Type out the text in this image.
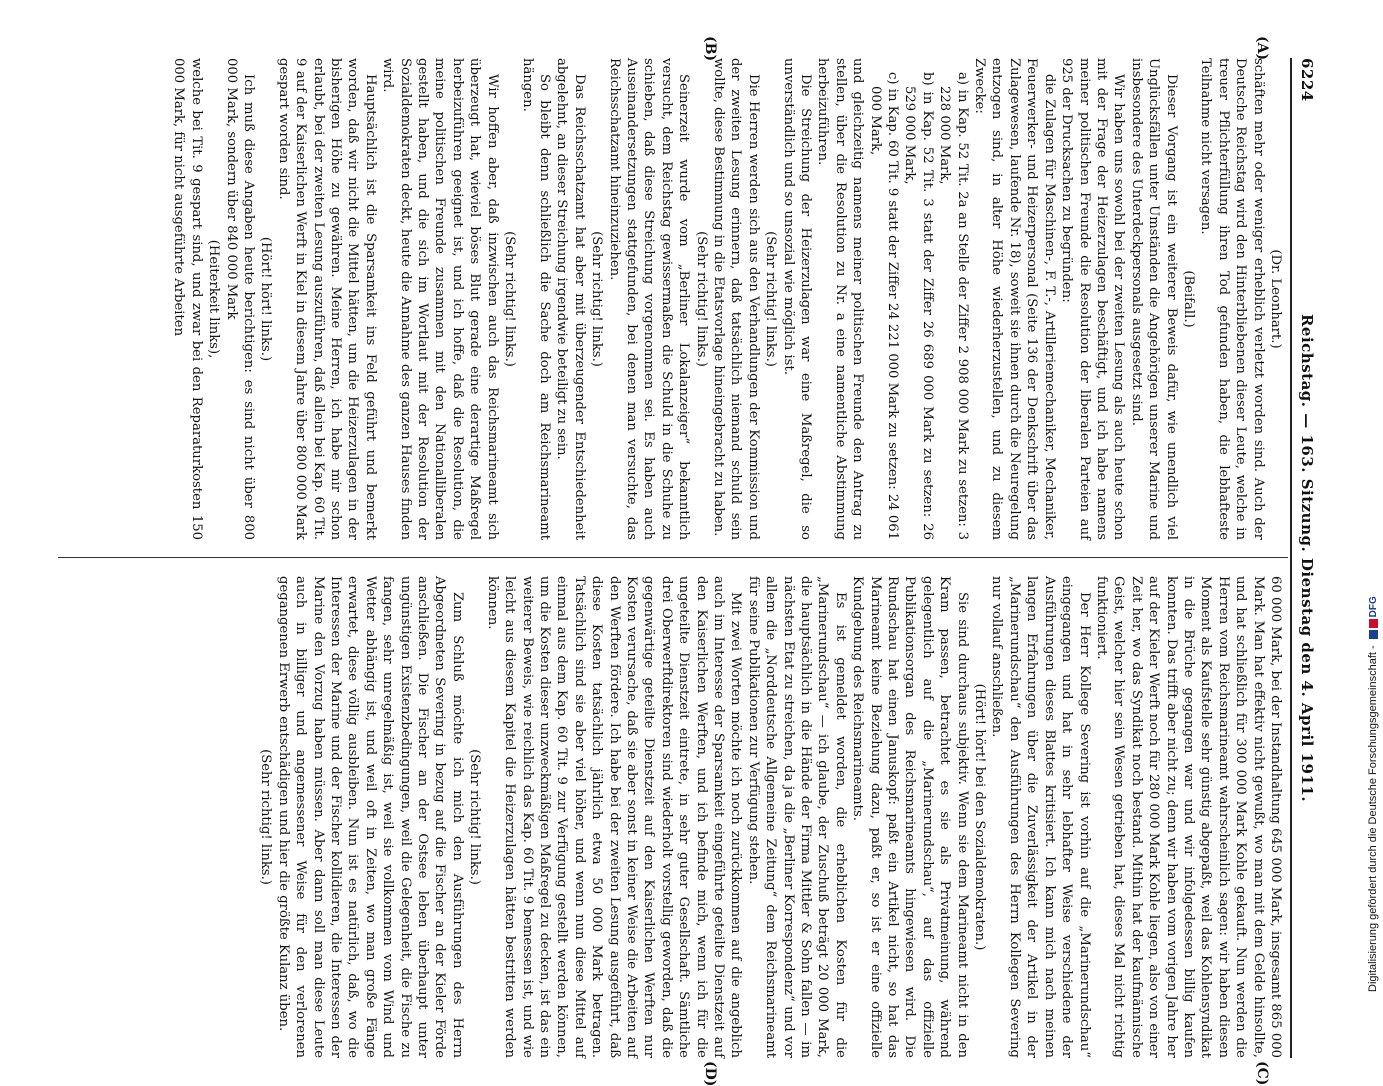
6224
Reichstag. — 163. Sitzung. Dienstag den 4. April 1911.
(A)
(B)
(C)
(D)

(Dr. Leonhart.)

schäften mehr oder weniger erheblich verletzt worden sind. Auch der Deutsche Reichstag wird den Hinterbliebenen dieser Leute, welche in treuer Pflichterfüllung ihren Tod gefunden haben, die lebhafteste Teilnahme nicht versagen.

(Beifall.)

Dieser Vorgang ist ein weiterer Beweis dafür, wie unendlich viel Unglücksfällen unter Umständen die Angehörigen unserer Marine und insbesondere des Unterdeckpersonals ausgesetzt sind.

Wir haben uns sowohl bei der zweiten Lesung als auch heute schon mit der Frage der Heizerzulagen beschäftigt, und ich habe namens meiner politischen Freunde die Resolution der liberalen Parteien auf 925 der Drucksachen zu begründen:

die Zulagen für Maschinen-, F. T.-, Artilleriemechaniker, Mechaniker, Feuerwerker- und Heizerpersonal (Seite 136 der Denkschrift über das Zulagewesen, laufende Nr. 18), soweit sie ihnen durch die Neuregelung entzogen sind, in alter Höhe wiederherzustellen, und zu diesem Zwecke:

a) in Kap. 52 Tit. 2a an Stelle der Ziffer 2 908 000 Mark zu setzen: 3 228 000 Mark,

b) in Kap. 52 Tit. 3 statt der Ziffer 26 689 000 Mark zu setzen: 26 529 000 Mark,

c) in Kap. 60 Tit. 9 statt der Ziffer 24 221 000 Mark zu setzen: 24 061 000 Mark,

und gleichzeitig namens meiner politischen Freunde den Antrag zu stellen, über die Resolution zu Nr. a eine namentliche Abstimmung herbeizuführen.

Die Streichung der Heizerzulagen war eine Maßregel, die so unverständlich und so unsozial wie möglich ist.

(Sehr richtig! links.)

Die Herren werden sich aus den Verhandlungen der Kommission und der zweiten Lesung erinnern, daß tatsächlich niemand schuld sein wollte, diese Bestimmung in die Etatsvorlage hineingebracht zu haben.

(Sehr richtig! links.)

Seinerzeit wurde vom „Berliner Lokalanzeiger“ bekanntlich versucht, dem Reichstag gewissermaßen die Schuld in die Schuhe zu schieben, daß diese Streichung vorgenommen sei. Es haben auch Auseinandersetzungen stattgefunden, bei denen man versuchte, das Reichsschatzamt hineinzuziehen.

(Sehr richtig! links.)

Das Reichsschatzamt hat aber mit überzeugender Entschiedenheit abgelehnt, an dieser Streichung irgendwie beteiligt zu sein.

So bleibt denn schließlich die Sache doch am Reichsmarineamt hängen.

(Sehr richtig! links.)

Wir hoffen aber, daß inzwischen auch das Reichsmarineamt sich überzeugt hat, wieviel böses Blut gerade eine derartige Maßregel herbeizuführen geeignet ist, und ich hoffe, daß die Resolution, die meine politischen Freunde zusammen mit den Nationalliberalen gestellt haben, und die sich im Wortlaut mit der Resolution der Sozialdemokraten deckt, heute die Annahme des ganzen Hauses finden wird.

Hauptsächlich ist die Sparsamkeit ins Feld geführt und bemerkt worden, daß wir nicht die Mittel hätten, um die Heizerzulagen in der bisherigen Höhe zu gewähren. Meine Herren, ich habe mir schon erlaubt, bei der zweiten Lesung auszuführen, daß allein bei Kap. 60 Tit. 9 auf der Kaiserlichen Werft in Kiel in diesem Jahre über 800 000 Mark gespart worden sind.

(Hört! hört! links.)

Ich muß diese Angaben heute berichtigen: es sind nicht über 800 000 Mark, sondern über 840 000 Mark

(Heiterkeit links),

welche bei Tit. 9 gespart sind, und zwar bei den Reparaturkosten 150 000 Mark, für nicht ausgeführte Arbeiten

60 000 Mark, bei der Instandhaltung 645 000 Mark, insgesamt 865 000 Mark. Man hat effektiv nicht gewußt, wo man mit dem Gelde hinsollte, und hat schließlich für 300 000 Mark Kohle gekauft. Nun werden die Herren vom Reichsmarineamt wahrscheinlich sagen: wir haben diesen Moment als Kaufstelle sehr günstig abgepaßt, weil das Kohlensyndikat in die Brüche gegangen war und wir infolgedessen billig kaufen konnten. Das trifft aber nicht zu; denn wir haben vom vorigen Jahre her auf der Kieler Werft noch für 280 000 Mark Kohle liegen, also von einer Zeit her, wo das Syndikat noch bestand. Mithin hat der kaufmännische Geist, welcher hier sein Wesen getrieben hat, dieses Mal nicht richtig funktioniert.

Der Herr Kollege Severing ist vorhin auf die „Marinerundschau“ eingegangen und hat in sehr lebhafter Weise verschiedene der Ausführungen dieses Blattes kritisiert. Ich kann mich nach meinen langen Erfahrungen über die Zuverlässigkeit der Artikel in der „Marinerundschau“ den Ausführungen des Herrn Kollegen Severing nur vollauf anschließen.

(Hört! hört! bei den Sozialdemokraten.)

Sie sind durchaus subjektiv. Wenn sie dem Marineamt nicht in den Kram passen, betrachtet es sie als Privatmeinung, während gelegentlich auf die „Marinerundschau“, auf das offizielle Publikationsorgan des Reichsmarineamts hingewiesen wird. Die Rundschau hat einen Januskopf: paßt ein Artikel nicht, so hat das Marineamt keine Beziehung dazu, paßt er, so ist er eine offizielle Kundgebung des Reichsmarineamts.

Es ist gemeldet worden, die erheblichen Kosten für die „Marinerundschau“ — ich glaube, der Zuschuß beträgt 20 000 Mark, die hauptsächlich in die Hände der Firma Mittler & Sohn fallen — im nächsten Etat zu streichen, da ja die „Berliner Korrespondenz“ und vor allem die „Norddeutsche Allgemeine Zeitung“ dem Reichsmarineamt für seine Publikationen zur Verfügung stehen.

Mit zwei Worten möchte ich noch zurückkommen auf die angeblich auch im Interesse der Sparsamkeit eingeführte geteilte Dienstzeit auf den Kaiserlichen Werften, und ich befinde mich, wenn ich für die ungeteilte Dienstzeit eintrete, in sehr guter Gesellschaft. Sämtliche drei Oberwerftdirektoren sind wiederholt vorstellig geworden, daß die gegenwärtige geteilte Dienstzeit auf den Kaiserlichen Werften nur Kosten verursache, daß sie aber sonst in keiner Weise die Arbeiten auf den Werften fördere. Ich habe bei der zweiten Lesung ausgeführt, daß diese Kosten tatsächlich jährlich etwa 50 000 Mark betragen. Tatsächlich sind sie aber viel höher, und wenn nun diese Mittel auf einmal aus dem Kap. 60 Tit. 9 zur Verfügung gestellt werden können, um die Kosten dieser unzweckmäßigen Maßregel zu decken, ist das ein weiterer Beweis, wie reichlich das Kap. 60 Tit. 9 bemessen ist, und wie leicht aus diesem Kapitel die Heizerzulagen hätten bestritten werden können.

(Sehr richtig! links.)

Zum Schluß möchte ich mich den Ausführungen des Herrn Abgeordneten Severing in bezug auf die Fischer an der Kieler Förde anschließen. Die Fischer an der Ostsee leben überhaupt unter ungünstigen Existenzbedingungen, weil die Gelegenheit, die Fische zu fangen, sehr unregelmäßig ist, weil sie vollkommen vom Wind und Wetter abhängig ist, und weil oft in Zeiten, wo man große Fänge erwartet, diese völlig ausbleiben. Nun ist es natürlich, daß, wo die Interessen der Marine und der Fischer kollidieren, die Interessen der Marine den Vorzug haben müssen. Aber dann soll man diese Leute auch in billiger und angemessener Weise für den verlorenen gegangenen Erwerb entschädigen und hier die größte Kulanz üben.

(Sehr richtig! links.)	Digitalisierung gefördert durch die Deutsche Forschungsgemeinschaft -
DFG
